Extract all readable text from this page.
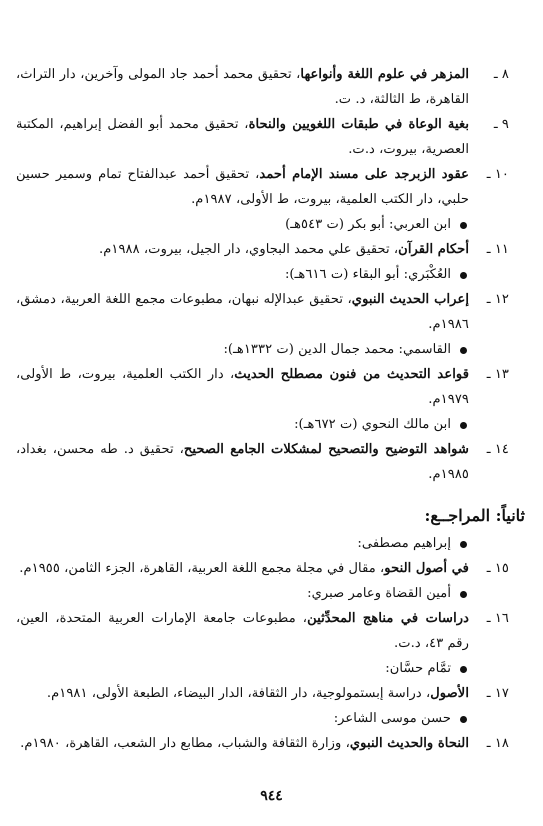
٨ ـ
المزهر في علوم اللغة وأنواعها، تحقيق محمد أحمد جاد المولى وآخرين، دار التراث، القاهرة، ط الثالثة، د. ت.
٩ ـ
بغية الوعاة في طبقات اللغويين والنحاة، تحقيق محمد أبو الفضل إبراهيم، المكتبة العصرية، بيروت، د.ت.
١٠ ـ
عقود الزبرجد على مسند الإمام أحمد، تحقيق أحمد عبدالفتاح تمام وسمير حسين حلبي، دار الكتب العلمية، بيروت، ط الأولى، ١٩٨٧م.
ابن العربي: أبو بكر (ت ٥٤٣هـ)
١١ ـ
أحكام القرآن، تحقيق علي محمد البجاوي، دار الجيل، بيروت، ١٩٨٨م.
العُكْبَري: أبو البقاء (ت ٦١٦هـ):
١٢ ـ
إعراب الحديث النبوي، تحقيق عبدالإله نبهان، مطبوعات مجمع اللغة العربية، دمشق، ١٩٨٦م.
القاسمي: محمد جمال الدين (ت ١٣٣٢هـ):
١٣ ـ
قواعد التحديث من فنون مصطلح الحديث، دار الكتب العلمية، بيروت، ط الأولى، ١٩٧٩م.
ابن مالك النحوي (ت ٦٧٢هـ):
١٤ ـ
شواهد التوضيح والتصحيح لمشكلات الجامع الصحيح، تحقيق د. طه محسن، بغداد، ١٩٨٥م.
ثانياً: المراجــع:
إبراهيم مصطفى:
١٥ ـ
في أصول النحو، مقال في مجلة مجمع اللغة العربية، القاهرة، الجزء الثامن، ١٩٥٥م.
أمين القضاة وعامر صبري:
١٦ ـ
دراسات في مناهج المحدِّثين، مطبوعات جامعة الإمارات العربية المتحدة، العين، رقم ٤٣، د.ت.
تمَّام حسَّان:
١٧ ـ
الأصول، دراسة إبستمولوجية، دار الثقافة، الدار البيضاء، الطبعة الأولى، ١٩٨١م.
حسن موسى الشاعر:
١٨ ـ
النحاة والحديث النبوي، وزارة الثقافة والشباب، مطابع دار الشعب، القاهرة، ١٩٨٠م.
٩٤٤
